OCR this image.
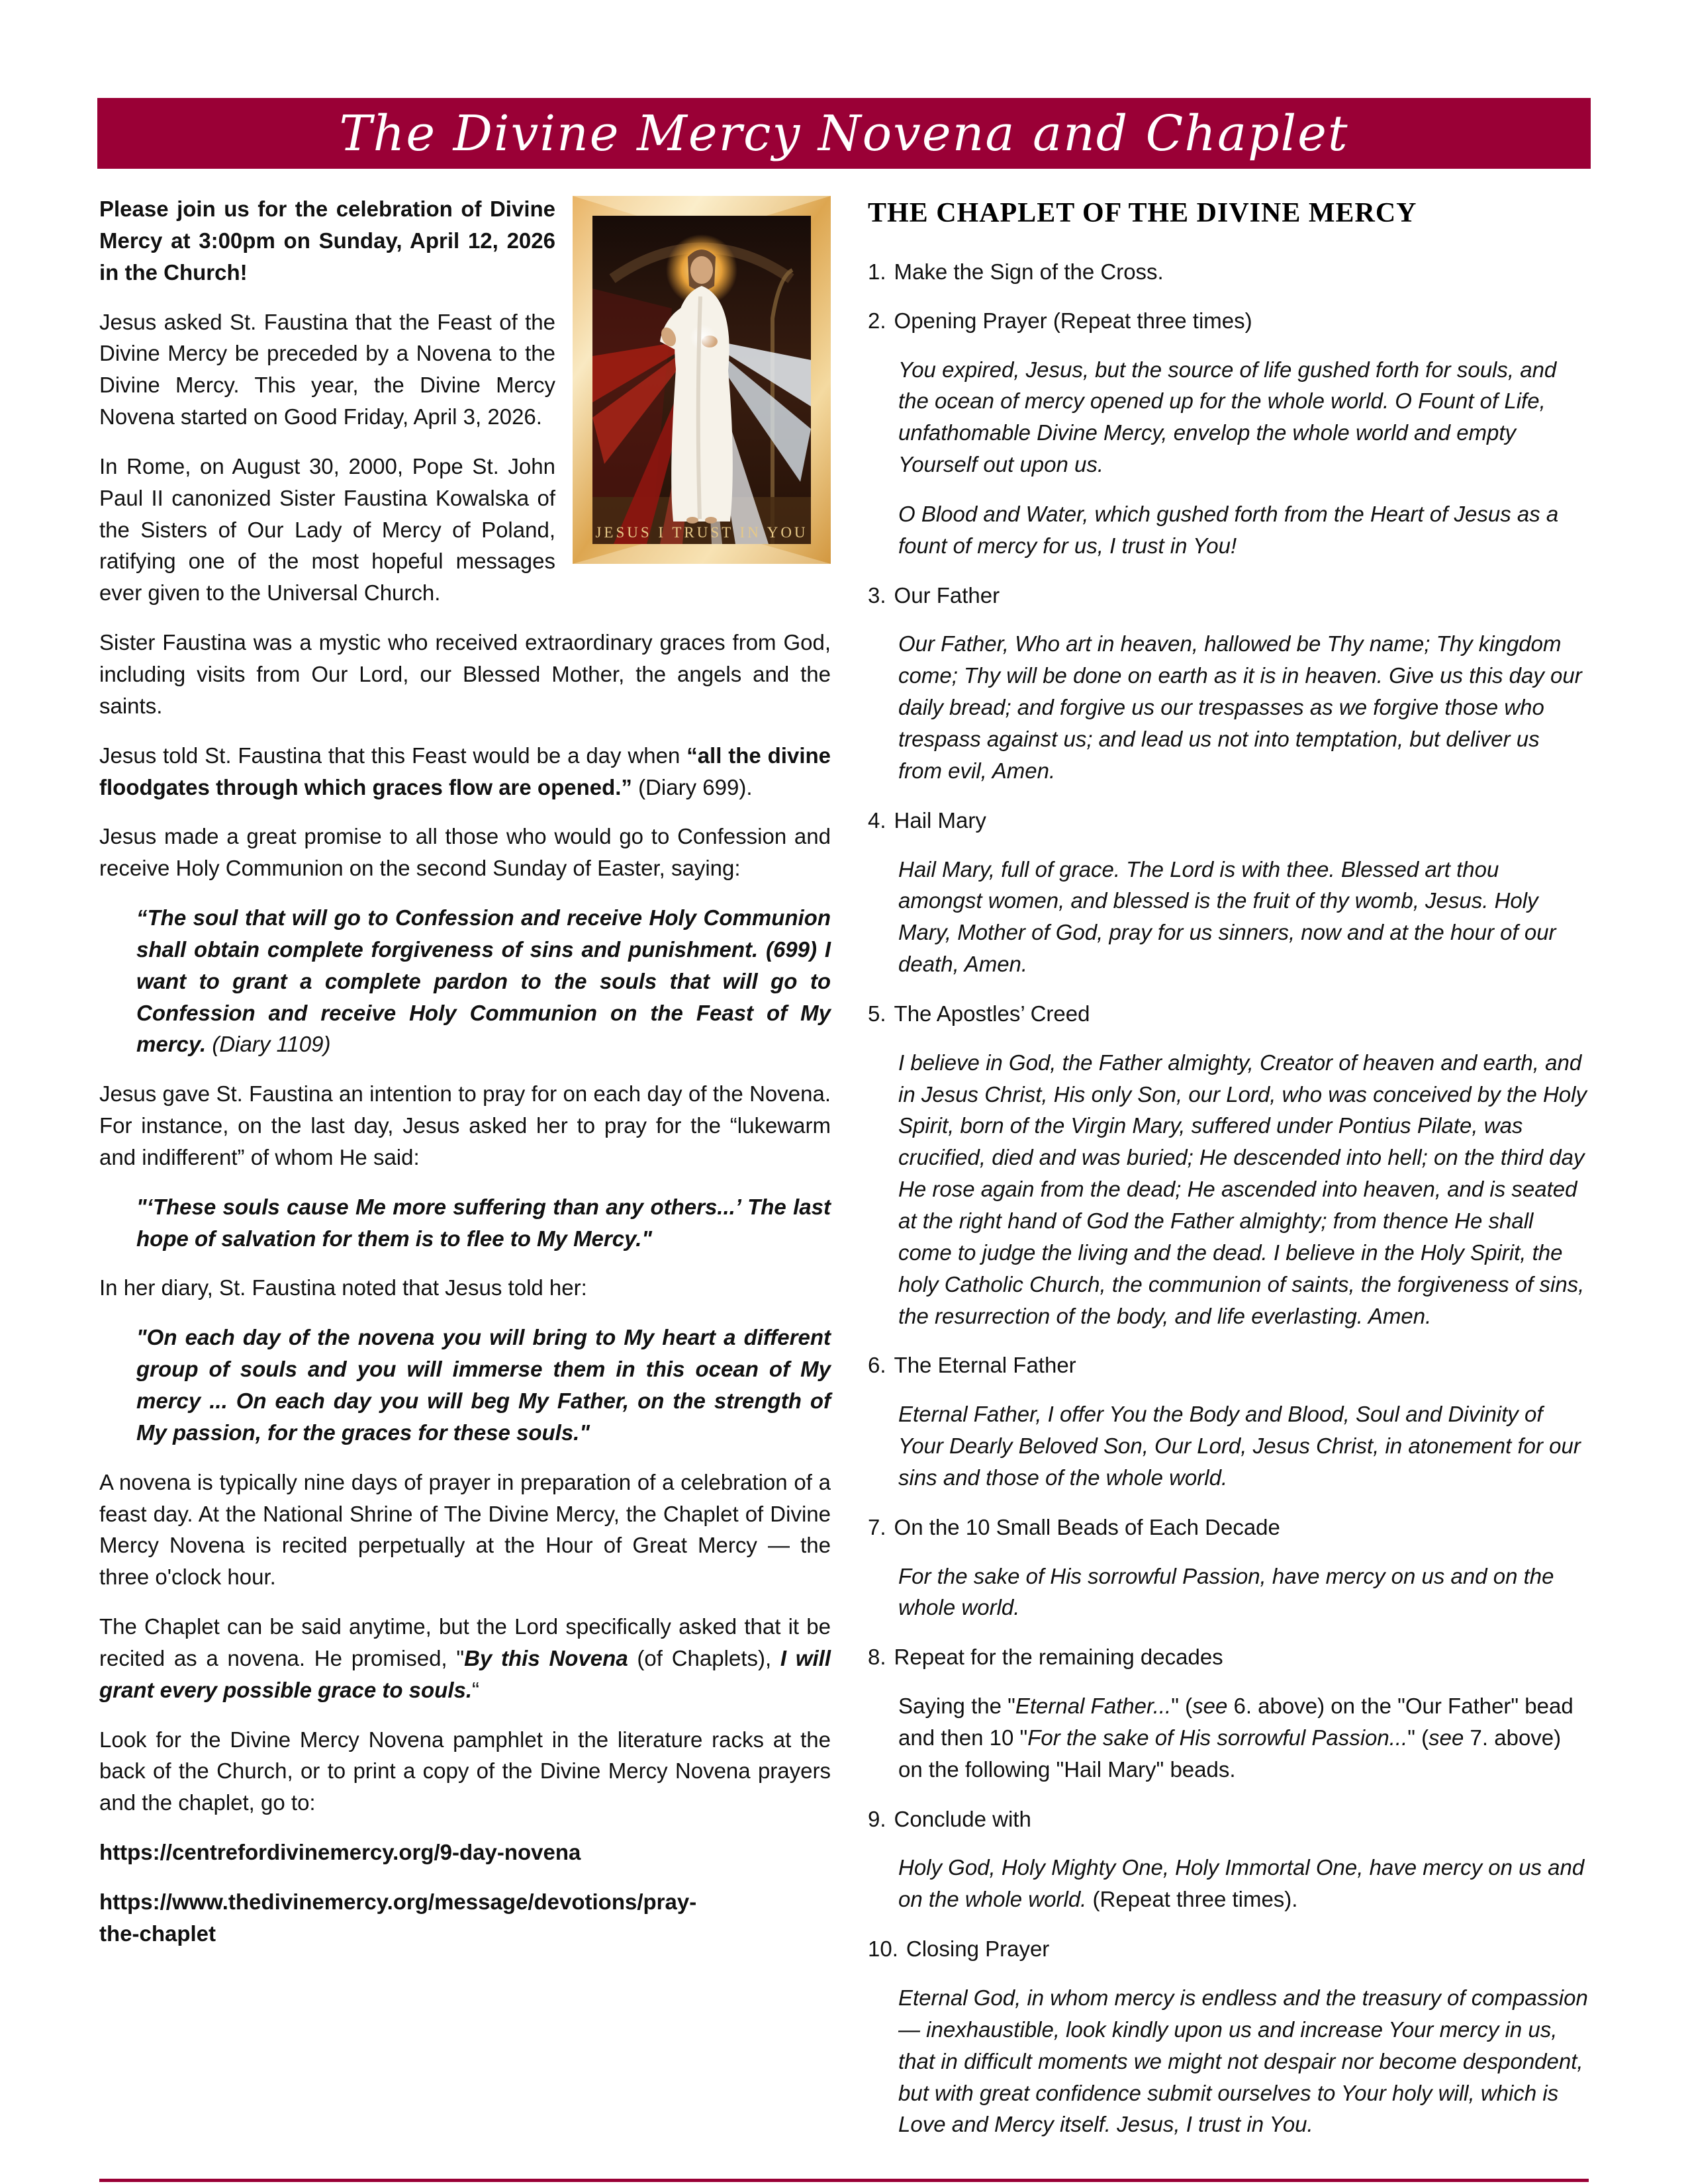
The Divine Mercy Novena and Chaplet
JESUS I TRUST IN YOU

Please join us for the celebration of Divine Mercy at 3:00pm on Sunday, April 12, 2026 in the Church!

Jesus asked St. Faustina that the Feast of the Divine Mercy be preceded by a Novena to the Divine Mercy. This year, the Divine Mercy Novena started on Good Friday, April 3, 2026.

In Rome, on August 30, 2000, Pope St. John Paul II canonized Sister Faustina Kowalska of the Sisters of Our Lady of Mercy of Poland, ratifying one of the most hopeful messages ever given to the Universal Church.

Sister Faustina was a mystic who received extraordinary graces from God, including visits from Our Lord, our Blessed Mother, the angels and the saints.

Jesus told St. Faustina that this Feast would be a day when “all the divine floodgates through which graces flow are opened.” (Diary 699).

Jesus made a great promise to all those who would go to Confession and receive Holy Communion on the second Sunday of Easter, saying:

“The soul that will go to Confession and receive Holy Communion shall obtain complete forgiveness of sins and punishment. (699) I want to grant a complete pardon to the souls that will go to Confession and receive Holy Communion on the Feast of My mercy. (Diary 1109)

Jesus gave St. Faustina an intention to pray for on each day of the Novena. For instance, on the last day, Jesus asked her to pray for the “lukewarm and indifferent” of whom He said:

"‘These souls cause Me more suffering than any others...’ The last hope of salvation for them is to flee to My Mercy."

In her diary, St. Faustina noted that Jesus told her:

"On each day of the novena you will bring to My heart a different group of souls and you will immerse them in this ocean of My mercy ... On each day you will beg My Father, on the strength of My passion, for the graces for these souls."

A novena is typically nine days of prayer in preparation of a celebration of a feast day. At the National Shrine of The Divine Mercy, the Chaplet of Divine Mercy Novena is recited perpetually at the Hour of Great Mercy — the three o'clock hour.

The Chaplet can be said anytime, but the Lord specifically asked that it be recited as a novena. He promised, "By this Novena (of Chaplets), I will grant every possible grace to souls.“

Look for the Divine Mercy Novena pamphlet in the literature racks at the back of the Church, or to print a copy of the Divine Mercy Novena prayers and the chaplet, go to:

https://centrefordivinemercy.org/9-day-novena

https://www.thedivinemercy.org/message/devotions/pray-
the-chaplet

THE CHAPLET OF THE DIVINE MERCY

1. Make the Sign of the Cross.

2. Opening Prayer (Repeat three times)

You expired, Jesus, but the source of life gushed forth for souls, and the ocean of mercy opened up for the whole world. O Fount of Life, unfathomable Divine Mercy, envelop the whole world and empty Yourself out upon us.

O Blood and Water, which gushed forth from the Heart of Jesus as a fount of mercy for us, I trust in You!

3. Our Father

Our Father, Who art in heaven, hallowed be Thy name; Thy kingdom come; Thy will be done on earth as it is in heaven. Give us this day our daily bread; and forgive us our trespasses as we forgive those who trespass against us; and lead us not into temptation, but deliver us from evil, Amen.

4. Hail Mary

Hail Mary, full of grace. The Lord is with thee. Blessed art thou amongst women, and blessed is the fruit of thy womb, Jesus. Holy Mary, Mother of God, pray for us sinners, now and at the hour of our death, Amen.

5. The Apostles’ Creed

I believe in God, the Father almighty, Creator of heaven and earth, and in Jesus Christ, His only Son, our Lord, who was conceived by the Holy Spirit, born of the Virgin Mary, suffered under Pontius Pilate, was crucified, died and was buried; He descended into hell; on the third day He rose again from the dead; He ascended into heaven, and is seated at the right hand of God the Father almighty; from thence He shall come to judge the living and the dead. I believe in the Holy Spirit, the holy Catholic Church, the communion of saints, the forgiveness of sins, the resurrection of the body, and life everlasting. Amen.

6. The Eternal Father

Eternal Father, I offer You the Body and Blood, Soul and Divinity of Your Dearly Beloved Son, Our Lord, Jesus Christ, in atonement for our sins and those of the whole world.

7. On the 10 Small Beads of Each Decade

For the sake of His sorrowful Passion, have mercy on us and on the whole world.

8. Repeat for the remaining decades

Saying the "Eternal Father..." (see 6. above) on the "Our Father" bead and then 10 "For the sake of His sorrowful Passion..." (see 7. above) on the following "Hail Mary" beads.

9. Conclude with

Holy God, Holy Mighty One, Holy Immortal One, have mercy on us and on the whole world. (Repeat three times).

10. Closing Prayer

Eternal God, in whom mercy is endless and the treasury of compassion — inexhaustible, look kindly upon us and increase Your mercy in us, that in difficult moments we might not despair nor become despondent, but with great confidence submit ourselves to Your holy will, which is Love and Mercy itself. Jesus, I trust in You.
